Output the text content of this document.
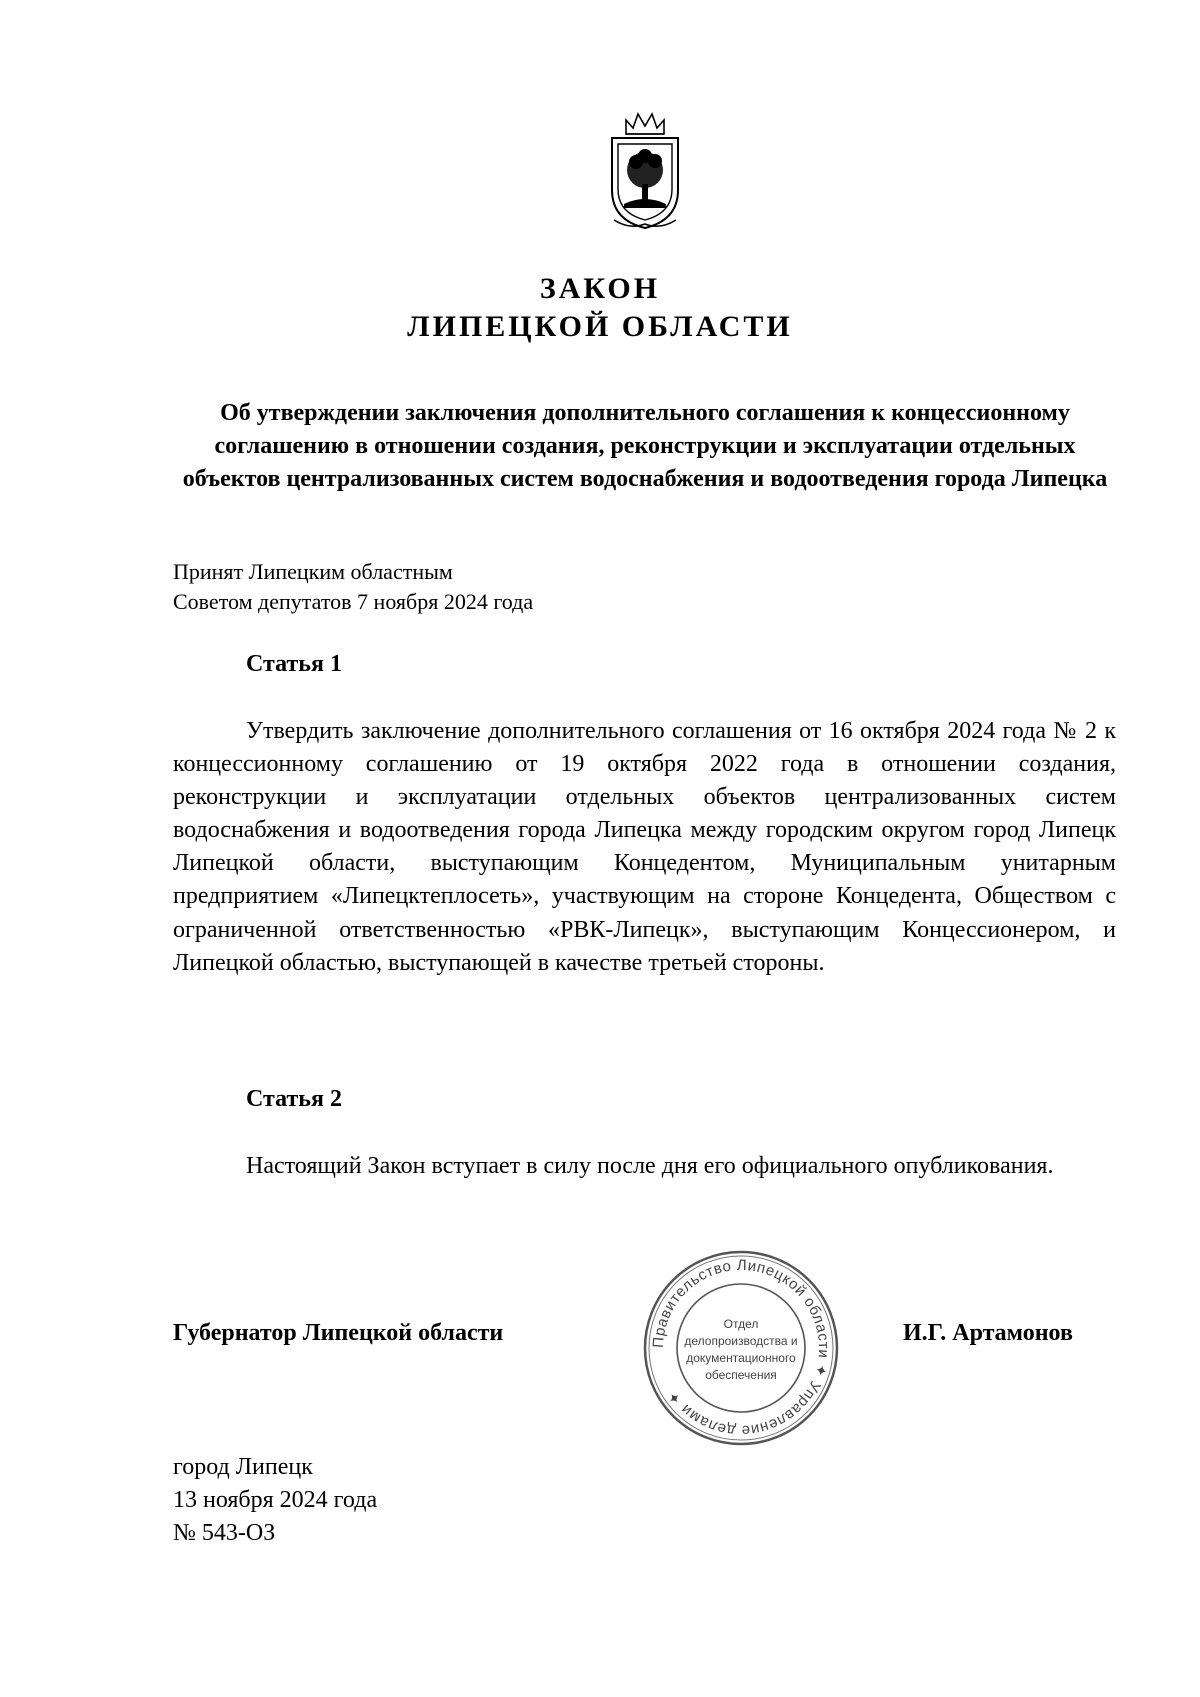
ЗАКОН
ЛИПЕЦКОЙ ОБЛАСТИ
Об утверждении заключения дополнительного соглашения к концессионному соглашению в отношении создания, реконструкции и эксплуатации отдельных объектов централизованных систем водоснабжения и водоотведения города Липецка
Принят Липецким областным
Советом депутатов 7 ноября 2024 года
Статья 1
Утвердить заключение дополнительного соглашения от 16 октября 2024 года № 2 к концессионному соглашению от 19 октября 2022 года в отношении создания, реконструкции и эксплуатации отдельных объектов централизованных систем водоснабжения и водоотведения города Липецка между городским округом город Липецк Липецкой области, выступающим Концедентом, Муниципальным унитарным предприятием «Липецктеплосеть», участвующим на стороне Концедента, Обществом с ограниченной ответственностью «РВК-Липецк», выступающим Концессионером, и Липецкой областью, выступающей в качестве третьей стороны.
Статья 2
Настоящий Закон вступает в силу после дня его официального опубликования.
Губернатор Липецкой области	И.Г. Артамонов
Правительство Липецкой области ✦ Управление делами ✦
Отдел
делопроизводства и
документационного
обеспечения
город Липецк
13 ноября 2024 года
№ 543-ОЗ
